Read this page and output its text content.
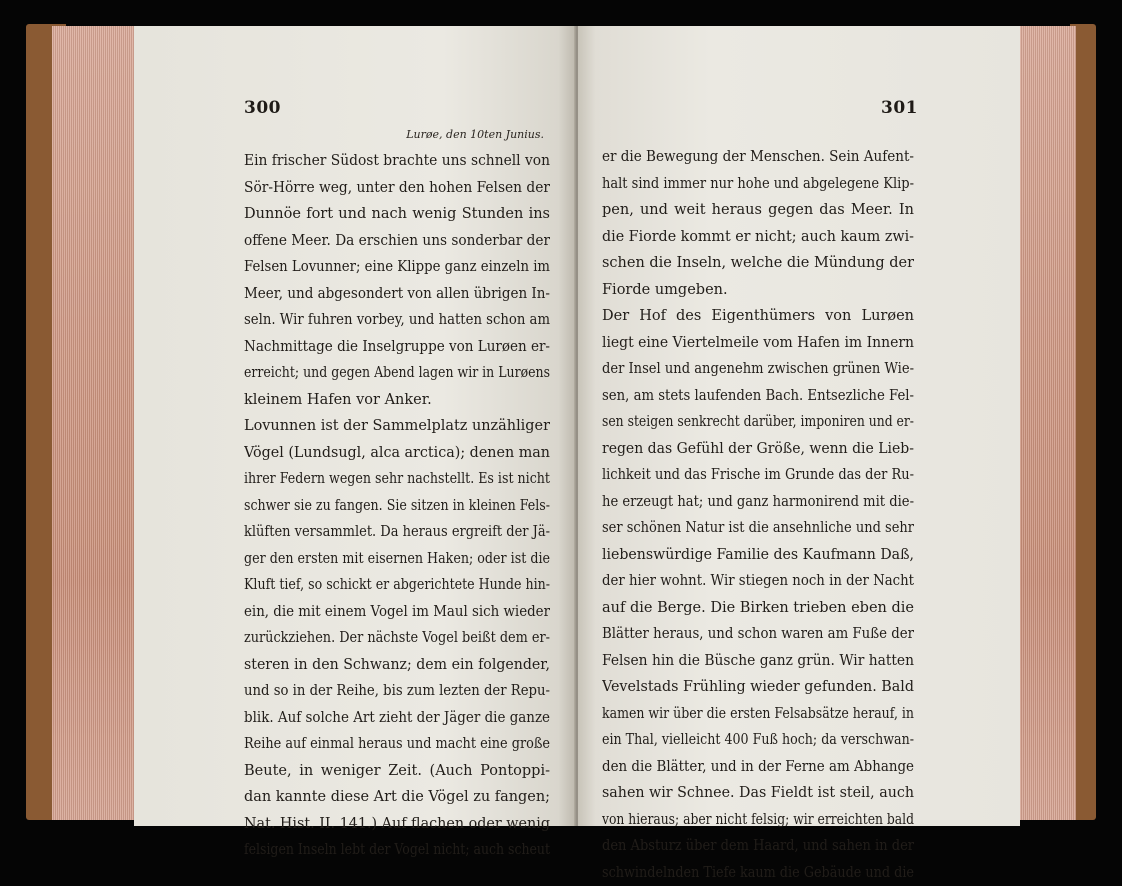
300
Lurøe, den 10ten Junius.
Ein frischer Südost brachte uns schnell von
Sör-Hörre weg, unter den hohen Felsen der
Dunnöe fort und nach wenig Stunden ins
offene Meer. Da erschien uns sonderbar der
Felsen Lovunner; eine Klippe ganz einzeln im
Meer, und abgesondert von allen übrigen In-
seln. Wir fuhren vorbey, und hatten schon am
Nachmittage die Inselgruppe von Lurøen er-
erreicht; und gegen Abend lagen wir in Lurøens
kleinem Hafen vor Anker.
Lovunnen ist der Sammelplatz unzähliger
Vögel (Lundsugl, alca arctica); denen man
ihrer Federn wegen sehr nachstellt. Es ist nicht
schwer sie zu fangen. Sie sitzen in kleinen Fels-
klüften versammlet. Da heraus ergreift der Jä-
ger den ersten mit eisernen Haken; oder ist die
Kluft tief, so schickt er abgerichtete Hunde hin-
ein, die mit einem Vogel im Maul sich wieder
zurückziehen. Der nächste Vogel beißt dem er-
steren in den Schwanz; dem ein folgender,
und so in der Reihe, bis zum lezten der Repu-
blik. Auf solche Art zieht der Jäger die ganze
Reihe auf einmal heraus und macht eine große
Beute, in weniger Zeit. (Auch Pontoppi-
dan kannte diese Art die Vögel zu fangen;
Nat. Hist. II. 141.) Auf flachen oder wenig
felsigen Inseln lebt der Vogel nicht; auch scheut
301
er die Bewegung der Menschen. Sein Aufent-
halt sind immer nur hohe und abgelegene Klip-
pen, und weit heraus gegen das Meer. In
die Fiorde kommt er nicht; auch kaum zwi-
schen die Inseln, welche die Mündung der
Fiorde umgeben.
Der Hof des Eigenthümers von Lurøen
liegt eine Viertelmeile vom Hafen im Innern
der Insel und angenehm zwischen grünen Wie-
sen, am stets laufenden Bach. Entsezliche Fel-
sen steigen senkrecht darüber, imponiren und er-
regen das Gefühl der Größe, wenn die Lieb-
lichkeit und das Frische im Grunde das der Ru-
he erzeugt hat; und ganz harmonirend mit die-
ser schönen Natur ist die ansehnliche und sehr
liebenswürdige Familie des Kaufmann Daß,
der hier wohnt. Wir stiegen noch in der Nacht
auf die Berge. Die Birken trieben eben die
Blätter heraus, und schon waren am Fuße der
Felsen hin die Büsche ganz grün. Wir hatten
Vevelstads Frühling wieder gefunden. Bald
kamen wir über die ersten Felsabsätze herauf, in
ein Thal, vielleicht 400 Fuß hoch; da verschwan-
den die Blätter, und in der Ferne am Abhange
sahen wir Schnee. Das Fieldt ist steil, auch
von hieraus; aber nicht felsig; wir erreichten bald
den Absturz über dem Haard, und sahen in der
schwindelnden Tiefe kaum die Gebäude und die
